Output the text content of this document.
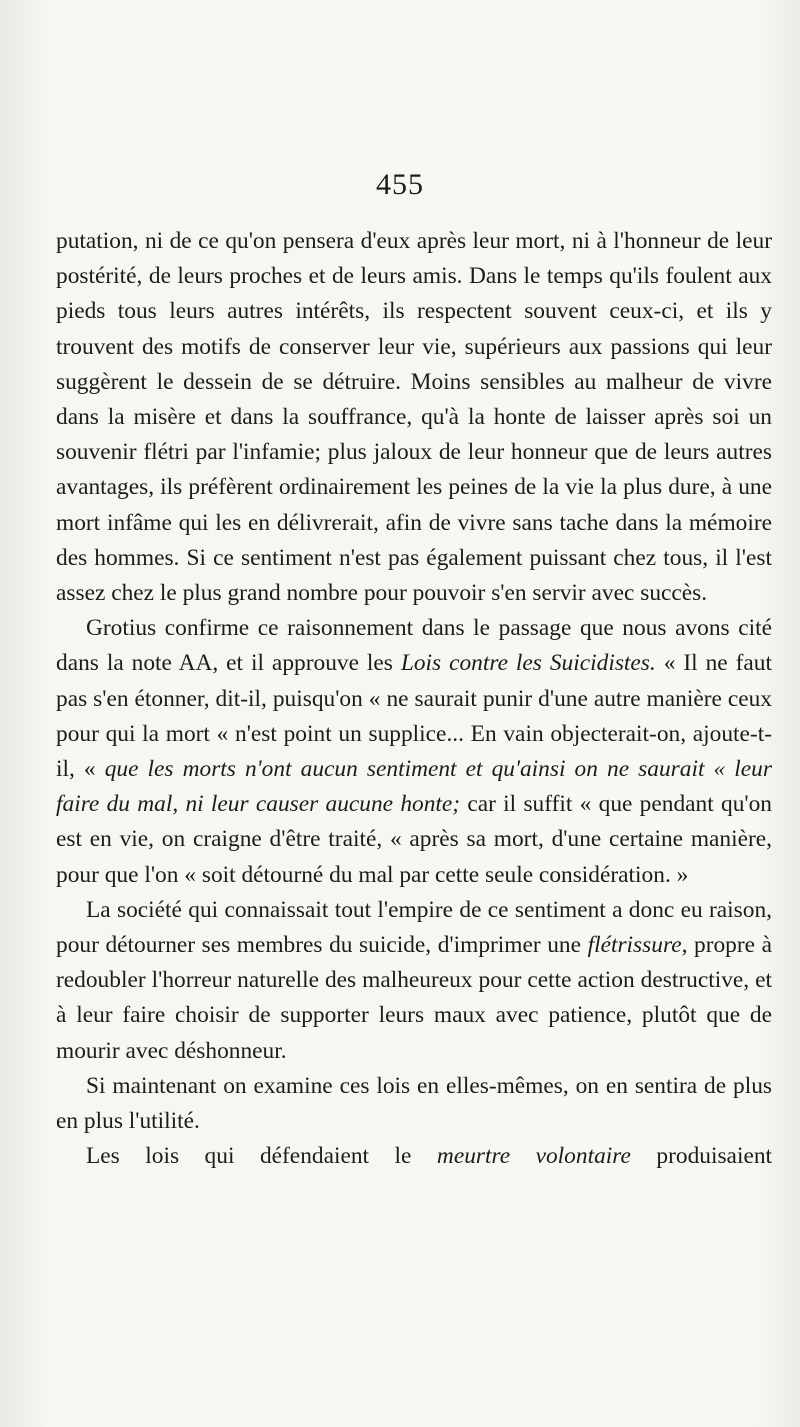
455

putation, ni de ce qu'on pensera d'eux après leur mort, ni à l'honneur de leur postérité, de leurs proches et de leurs amis. Dans le temps qu'ils foulent aux pieds tous leurs autres intérêts, ils respectent souvent ceux-ci, et ils y trouvent des motifs de conserver leur vie, supérieurs aux passions qui leur suggèrent le dessein de se détruire. Moins sensibles au malheur de vivre dans la misère et dans la souffrance, qu'à la honte de laisser après soi un souvenir flétri par l'infamie; plus jaloux de leur honneur que de leurs autres avantages, ils préfèrent ordinairement les peines de la vie la plus dure, à une mort infâme qui les en délivrerait, afin de vivre sans tache dans la mémoire des hommes. Si ce sentiment n'est pas également puissant chez tous, il l'est assez chez le plus grand nombre pour pouvoir s'en servir avec succès.

Grotius confirme ce raisonnement dans le passage que nous avons cité dans la note AA, et il approuve les Lois contre les Suicidistes. « Il ne faut pas s'en étonner, dit-il, puisqu'on « ne saurait punir d'une autre manière ceux pour qui la mort « n'est point un supplice... En vain objecterait-on, ajoute-t-il, « que les morts n'ont aucun sentiment et qu'ainsi on ne saurait « leur faire du mal, ni leur causer aucune honte; car il suffit « que pendant qu'on est en vie, on craigne d'être traité, « après sa mort, d'une certaine manière, pour que l'on « soit détourné du mal par cette seule considération. »

La société qui connaissait tout l'empire de ce sentiment a donc eu raison, pour détourner ses membres du suicide, d'imprimer une flétrissure, propre à redoubler l'horreur naturelle des malheureux pour cette action destructive, et à leur faire choisir de supporter leurs maux avec patience, plutôt que de mourir avec déshonneur.

Si maintenant on examine ces lois en elles-mêmes, on en sentira de plus en plus l'utilité.

Les lois qui défendaient le meurtre volontaire produisaient
